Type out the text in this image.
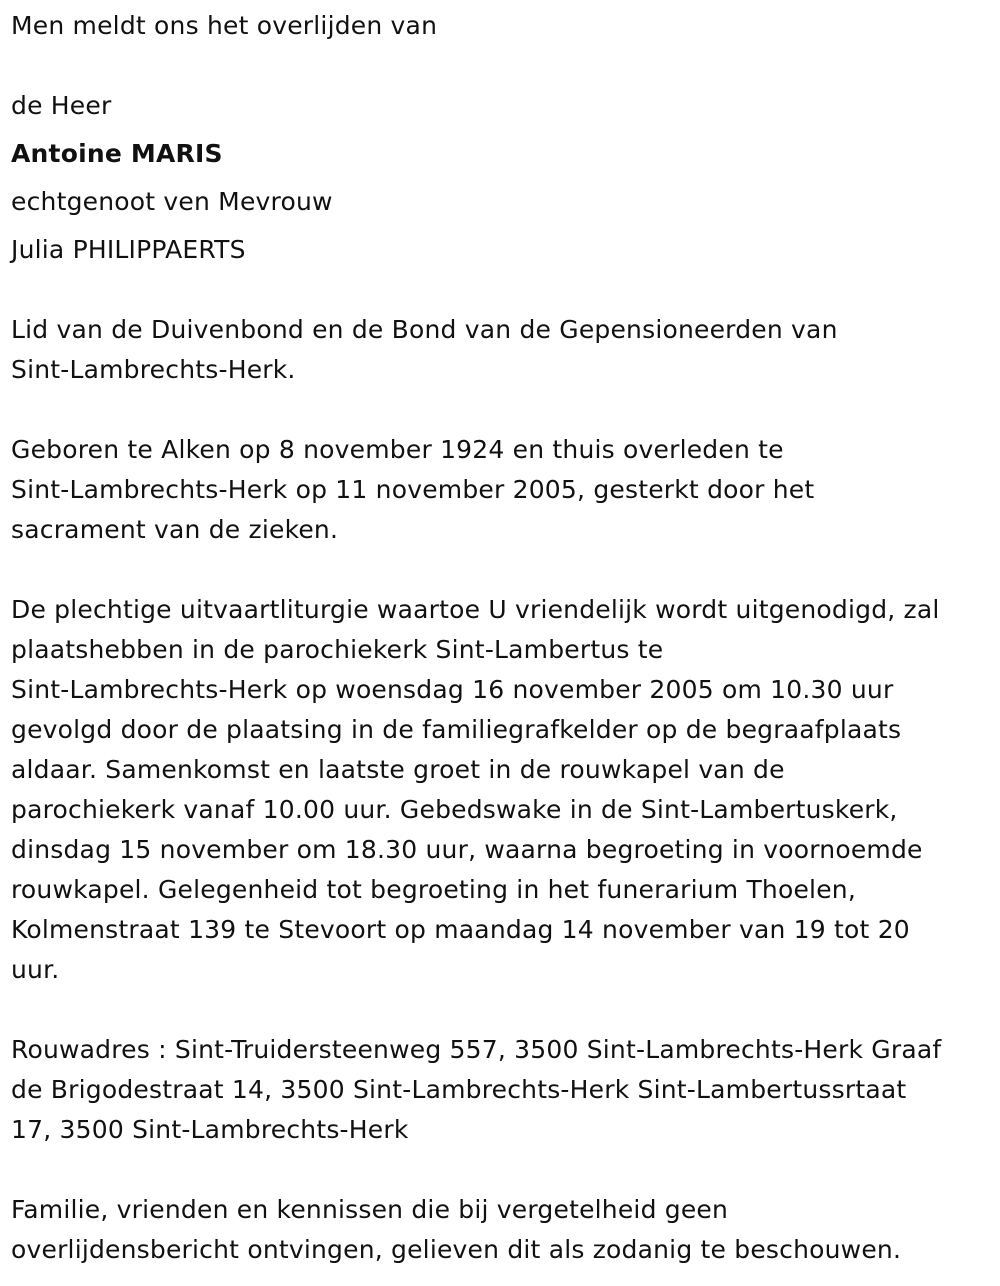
Men meldt ons het overlijden van
de Heer
Antoine MARIS
echtgenoot ven Mevrouw
Julia PHILIPPAERTS
Lid van de Duivenbond en de Bond van de Gepensioneerden van
Sint-Lambrechts-Herk.
Geboren te Alken op 8 november 1924 en thuis overleden te
Sint-Lambrechts-Herk op 11 november 2005, gesterkt door het
sacrament van de zieken.
De plechtige uitvaartliturgie waartoe U vriendelijk wordt uitgenodigd, zal
plaatshebben in de parochiekerk Sint-Lambertus te
Sint-Lambrechts-Herk op woensdag 16 november 2005 om 10.30 uur
gevolgd door de plaatsing in de familiegrafkelder op de begraafplaats
aldaar. Samenkomst en laatste groet in de rouwkapel van de
parochiekerk vanaf 10.00 uur. Gebedswake in de Sint-Lambertuskerk,
dinsdag 15 november om 18.30 uur, waarna begroeting in voornoemde
rouwkapel. Gelegenheid tot begroeting in het funerarium Thoelen,
Kolmenstraat 139 te Stevoort op maandag 14 november van 19 tot 20
uur.
Rouwadres : Sint-Truidersteenweg 557, 3500 Sint-Lambrechts-Herk Graaf
de Brigodestraat 14, 3500 Sint-Lambrechts-Herk Sint-Lambertussrtaat
17, 3500 Sint-Lambrechts-Herk
Familie, vrienden en kennissen die bij vergetelheid geen
overlijdensbericht ontvingen, gelieven dit als zodanig te beschouwen.
